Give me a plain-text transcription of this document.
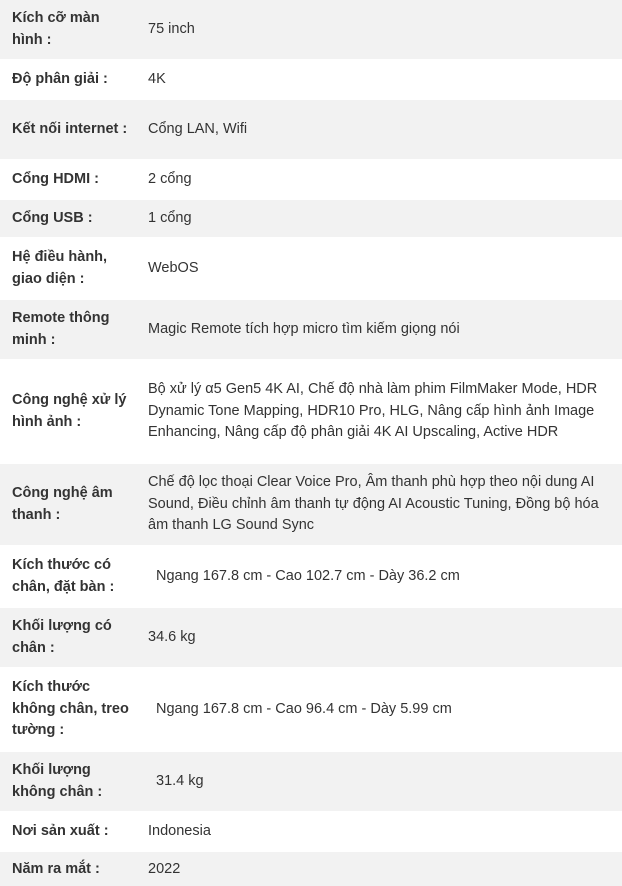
Kích cỡ màn hình :
75 inch
Độ phân giải :	4K
Kết nối internet :	Cổng LAN, Wifi
Cổng HDMI :	2 cổng
Cổng USB :	1 cổng
Hệ điều hành, giao diện :
WebOS
Remote thông minh :
Magic Remote tích hợp micro tìm kiếm giọng nói
Công nghệ xử lý hình ảnh :
Bộ xử lý α5 Gen5 4K AI, Chế độ nhà làm phim FilmMaker Mode, HDR Dynamic Tone Mapping, HDR10 Pro, HLG, Nâng cấp hình ảnh Image Enhancing, Nâng cấp độ phân giải 4K AI Upscaling, Active HDR
Công nghệ âm thanh :
Chế độ lọc thoại Clear Voice Pro, Âm thanh phù hợp theo nội dung AI Sound, Điều chỉnh âm thanh tự động AI Acoustic Tuning, Đồng bộ hóa âm thanh LG Sound Sync
Kích thước có chân, đặt bàn :
Ngang 167.8 cm - Cao 102.7 cm - Dày 36.2 cm
Khối lượng có chân :
34.6 kg
Kích thước không chân, treo tường :
Ngang 167.8 cm - Cao 96.4 cm - Dày 5.99 cm
Khối lượng không chân :
31.4 kg
Nơi sản xuất :	Indonesia
Năm ra mắt :	2022
